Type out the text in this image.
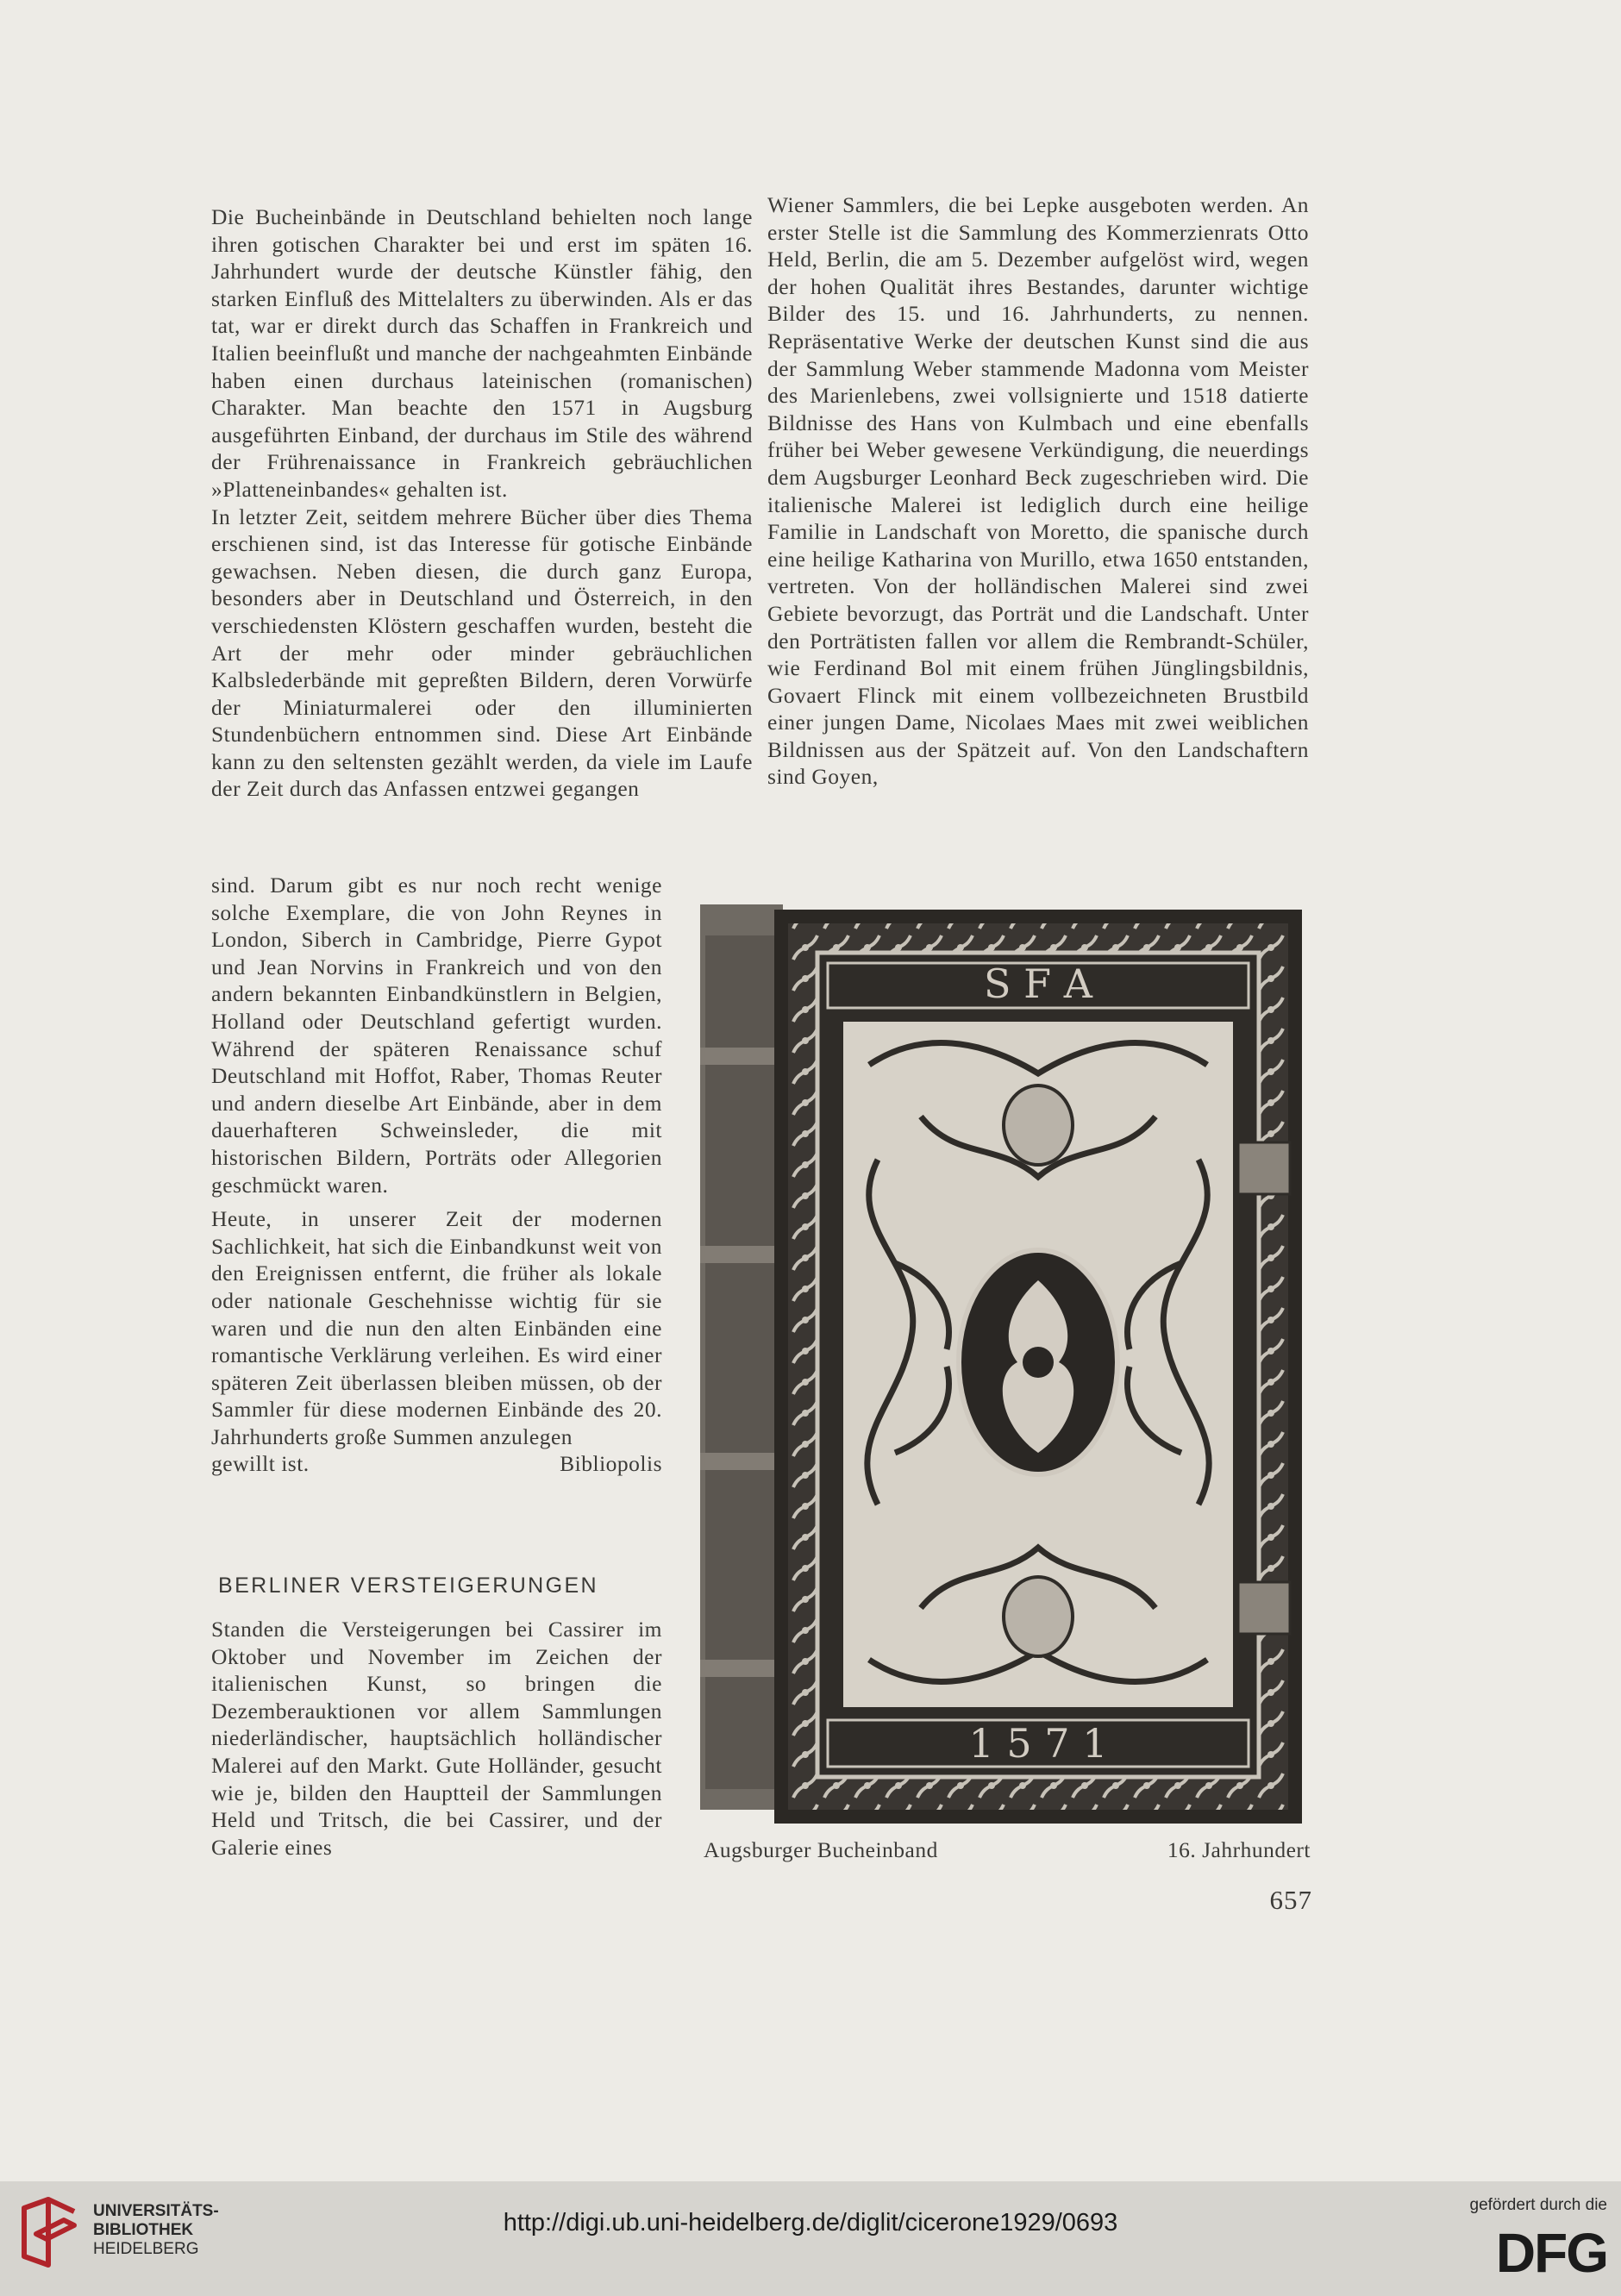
Die Bucheinbände in Deutschland behielten noch lange ihren gotischen Charakter bei und erst im späten 16. Jahrhundert wurde der deutsche Künstler fähig, den starken Einfluß des Mittelalters zu überwinden. Als er das tat, war er direkt durch das Schaffen in Frankreich und Italien beeinflußt und manche der nachgeahmten Einbände haben einen durchaus lateinischen (romanischen) Charakter. Man beachte den 1571 in Augsburg ausgeführten Einband, der durchaus im Stile des während der Frührenaissance in Frankreich gebräuchlichen »Platteneinbandes« gehalten ist.

In letzter Zeit, seitdem mehrere Bücher über dies Thema erschienen sind, ist das Interesse für gotische Einbände gewachsen. Neben diesen, die durch ganz Europa, besonders aber in Deutschland und Österreich, in den verschiedensten Klöstern geschaffen wurden, besteht die Art der mehr oder minder gebräuchlichen Kalbslederbände mit gepreßten Bildern, deren Vorwürfe der Miniaturmalerei oder den illuminierten Stundenbüchern entnommen sind. Diese Art Einbände kann zu den seltensten gezählt werden, da viele im Laufe der Zeit durch das Anfassen entzwei gegangen

sind. Darum gibt es nur noch recht wenige solche Exemplare, die von John Reynes in London, Siberch in Cambridge, Pierre Gypot und Jean Norvins in Frankreich und von den andern bekannten Einbandkünstlern in Belgien, Holland oder Deutschland gefertigt wurden. Während der späteren Renaissance schuf Deutschland mit Hoffot, Raber, Thomas Reuter und andern dieselbe Art Einbände, aber in dem dauerhafteren Schweinsleder, die mit historischen Bildern, Porträts oder Allegorien geschmückt waren.

Heute, in unserer Zeit der modernen Sachlichkeit, hat sich die Einbandkunst weit von den Ereignissen entfernt, die früher als lokale oder nationale Geschehnisse wichtig für sie waren und die nun den alten Einbänden eine romantische Verklärung verleihen. Es wird einer späteren Zeit überlassen bleiben müssen, ob der Sammler für diese modernen Einbände des 20. Jahrhunderts große Summen anzulegen

gewillt ist.	Bibliopolis
BERLINER VERSTEIGERUNGEN

Standen die Versteigerungen bei Cassirer im Oktober und November im Zeichen der italienischen Kunst, so bringen die Dezemberauktionen vor allem Sammlungen niederländischer, hauptsächlich holländischer Malerei auf den Markt. Gute Holländer, gesucht wie je, bilden den Hauptteil der Sammlungen Held und Tritsch, die bei Cassirer, und der Galerie eines

Wiener Sammlers, die bei Lepke ausgeboten werden. An erster Stelle ist die Sammlung des Kommerzienrats Otto Held, Berlin, die am 5. Dezember aufgelöst wird, wegen der hohen Qualität ihres Bestandes, darunter wichtige Bilder des 15. und 16. Jahrhunderts, zu nennen. Repräsentative Werke der deutschen Kunst sind die aus der Sammlung Weber stammende Madonna vom Meister des Marienlebens, zwei vollsignierte und 1518 datierte Bildnisse des Hans von Kulmbach und eine ebenfalls früher bei Weber gewesene Verkündigung, die neuerdings dem Augsburger Leonhard Beck zugeschrieben wird. Die italienische Malerei ist lediglich durch eine heilige Familie in Landschaft von Moretto, die spanische durch eine heilige Katharina von Murillo, etwa 1650 entstanden, vertreten. Von der holländischen Malerei sind zwei Gebiete bevorzugt, das Porträt und die Landschaft. Unter den Porträtisten fallen vor allem die Rembrandt-Schüler, wie Ferdinand Bol mit einem frühen Jünglingsbildnis, Govaert Flinck mit einem vollbezeichneten Brustbild einer jungen Dame, Nicolaes Maes mit zwei weiblichen Bildnissen aus der Spätzeit auf. Von den Landschaftern sind Goyen,

S F A
1 5 7 1
Augsburger Bucheinband	16. Jahrhundert
657
UNIVERSITÄTS-
BIBLIOTHEK
HEIDELBERG
http://digi.ub.uni-heidelberg.de/diglit/cicerone1929/0693
gefördert durch die
DFG
